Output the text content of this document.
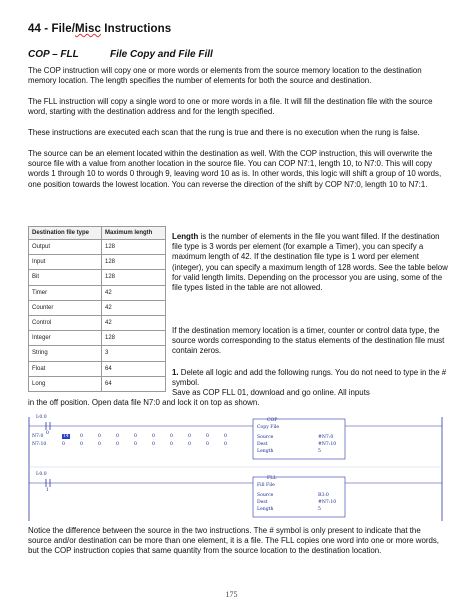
44 - File/Misc Instructions
COP – FLL	File Copy and File Fill
The COP instruction will copy one or more words or elements from the source memory location to the destination memory location. The length specifies the number of elements for both the source and destination.
The FLL instruction will copy a single word to one or more words in a file. It will fill the destination file with the source word, starting with the destination address and for the length specified.
These instructions are executed each scan that the rung is true and there is no execution when the rung is false.
The source can be an element located within the destination as well. With the COP instruction, this will overwrite the source file with a value from another location in the source file. You can COP N7:1, length 10, to N7:0. This will copy words 1 through 10 to words 0 through 9, leaving word 10 as is. In other words, this logic will shift a group of 10 words, one position towards the lowest location. You can reverse the direction of the shift by COP N7:0, length 10 to N7:1.
Destination file type	Maximum length
Output	128
Input	128
Bit	128
Timer	42
Counter	42
Control	42
Integer	128
String	3
Float	64
Long	64
Length is the number of elements in the file you want filled. If the destination file type is 3 words per element (for example a Timer), you can specify a maximum length of 42. If the destination file type is 1 word per element (integer), you can specify a maximum length of 128 words. See the table below for valid length limits. Depending on the processor you are using, some of the file types listed in the table are not allowed.
If the destination memory location is a timer, counter or control data type, the source words corresponding to the status elements of the destination file must contain zeros.
1. Delete all logic and add the following rungs. You do not need to type in the # symbol.
Save as COP FLL 01, download and go online. All inputs
in the off position. Open data file N7:0 and lock it on top as shown.
I:0.0
0
N7:0
N7:10
14 0	0	0	0	0	0	0	0	0
0	0	0	0	0	0	0	0	0	0
COP
Copy File
Source	#N7:0
Dest	#N7:10
Length	5
I:0.0
1
FLL
Fill File
Source	B3:0
Dest	#N7:10
Length	5
Notice the difference between the source in the two instructions. The # symbol is only present to indicate that the source and/or destination can be more than one element, it is a file. The FLL copies one word into one or more words, but the COP instruction copies that same quantity from the source location to the destination location.
175
